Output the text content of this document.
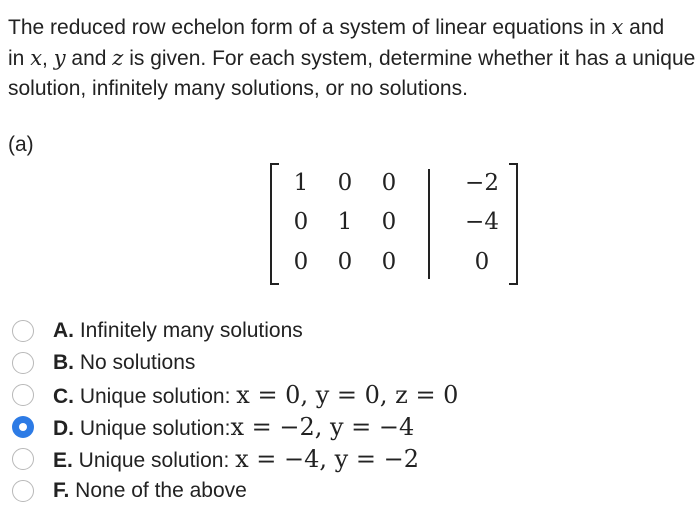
The reduced row echelon form of a system of linear equations in x and
in x, y and z is given. For each system, determine whether it has a unique
solution, infinitely many solutions, or no solutions.
(a)
1 0 0	−2
0 1 0	−4
0 0 0	0
A. Infinitely many solutions
B. No solutions
C. Unique solution: x = 0, y = 0, z = 0
D. Unique solution:x = −2, y = −4
E. Unique solution: x = −4, y = −2
F. None of the above
